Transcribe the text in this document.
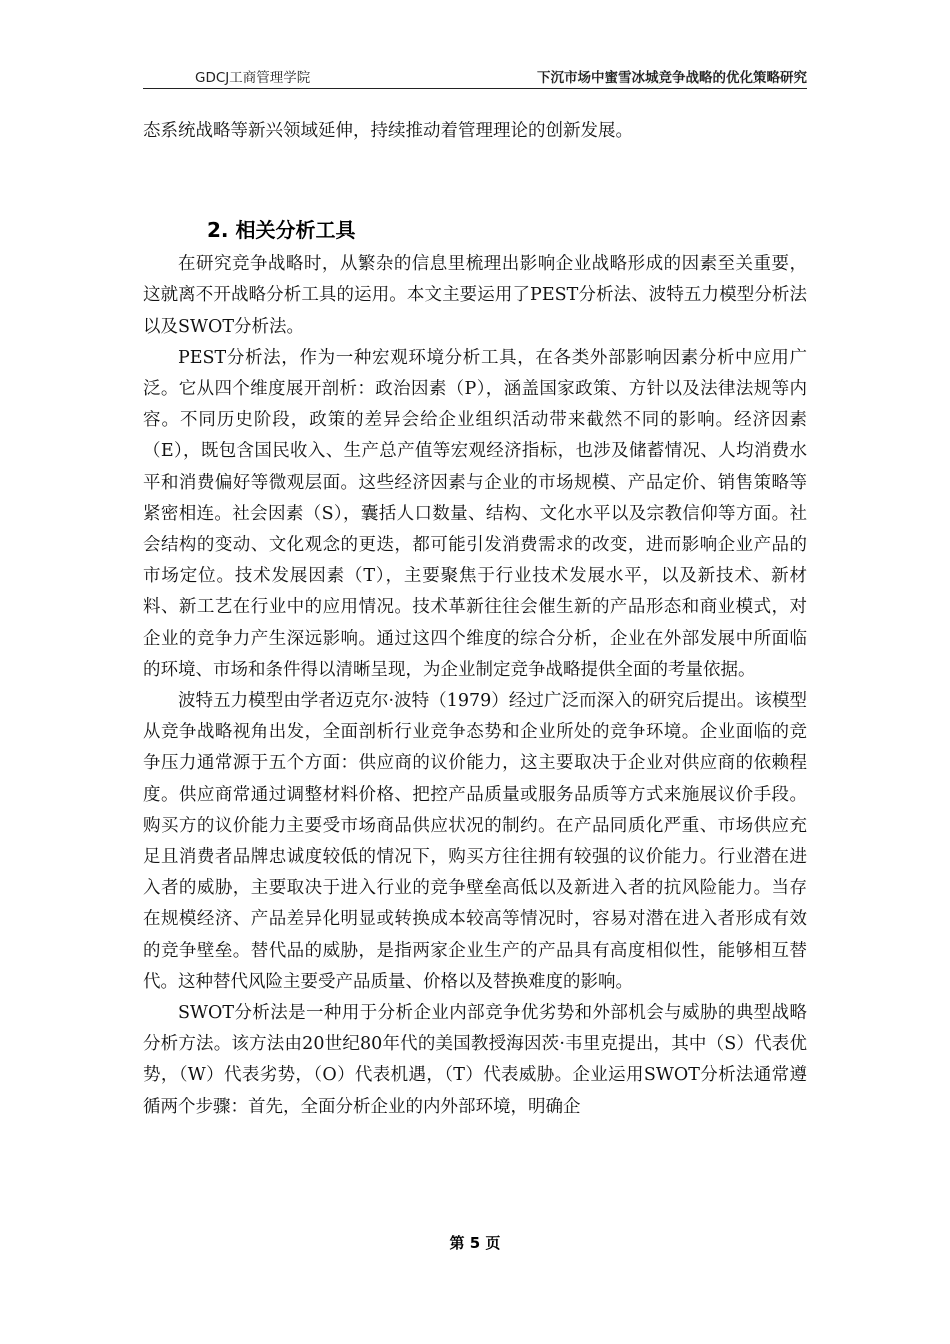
GDCJ工商管理学院	下沉市场中蜜雪冰城竞争战略的优化策略研究

态系统战略等新兴领域延伸，持续推动着管理理论的创新发展。

2. 相关分析工具

在研究竞争战略时，从繁杂的信息里梳理出影响企业战略形成的因素至关重要，这就离不开战略分析工具的运用。本文主要运用了PEST分析法、波特五力模型分析法以及SWOT分析法。

PEST分析法，作为一种宏观环境分析工具，在各类外部影响因素分析中应用广泛。它从四个维度展开剖析：政治因素（P），涵盖国家政策、方针以及法律法规等内容。不同历史阶段，政策的差异会给企业组织活动带来截然不同的影响。经济因素（E），既包含国民收入、生产总产值等宏观经济指标，也涉及储蓄情况、人均消费水平和消费偏好等微观层面。这些经济因素与企业的市场规模、产品定价、销售策略等紧密相连。社会因素（S），囊括人口数量、结构、文化水平以及宗教信仰等方面。社会结构的变动、文化观念的更迭，都可能引发消费需求的改变，进而影响企业产品的市场定位。技术发展因素（T），主要聚焦于行业技术发展水平，以及新技术、新材料、新工艺在行业中的应用情况。技术革新往往会催生新的产品形态和商业模式，对企业的竞争力产生深远影响。通过这四个维度的综合分析，企业在外部发展中所面临的环境、市场和条件得以清晰呈现，为企业制定竞争战略提供全面的考量依据。

波特五力模型由学者迈克尔·波特（1979）经过广泛而深入的研究后提出。该模型从竞争战略视角出发，全面剖析行业竞争态势和企业所处的竞争环境。企业面临的竞争压力通常源于五个方面：供应商的议价能力，这主要取决于企业对供应商的依赖程度。供应商常通过调整材料价格、把控产品质量或服务品质等方式来施展议价手段。购买方的议价能力主要受市场商品供应状况的制约。在产品同质化严重、市场供应充足且消费者品牌忠诚度较低的情况下，购买方往往拥有较强的议价能力。行业潜在进入者的威胁，主要取决于进入行业的竞争壁垒高低以及新进入者的抗风险能力。当存在规模经济、产品差异化明显或转换成本较高等情况时，容易对潜在进入者形成有效的竞争壁垒。替代品的威胁，是指两家企业生产的产品具有高度相似性，能够相互替代。这种替代风险主要受产品质量、价格以及替换难度的影响。

SWOT分析法是一种用于分析企业内部竞争优劣势和外部机会与威胁的典型战略分析方法。该方法由20世纪80年代的美国教授海因茨·韦里克提出，其中（S）代表优势，（W）代表劣势，（O）代表机遇，（T）代表威胁。企业运用SWOT分析法通常遵循两个步骤：首先，全面分析企业的内外部环境，明确企

第 5 页
